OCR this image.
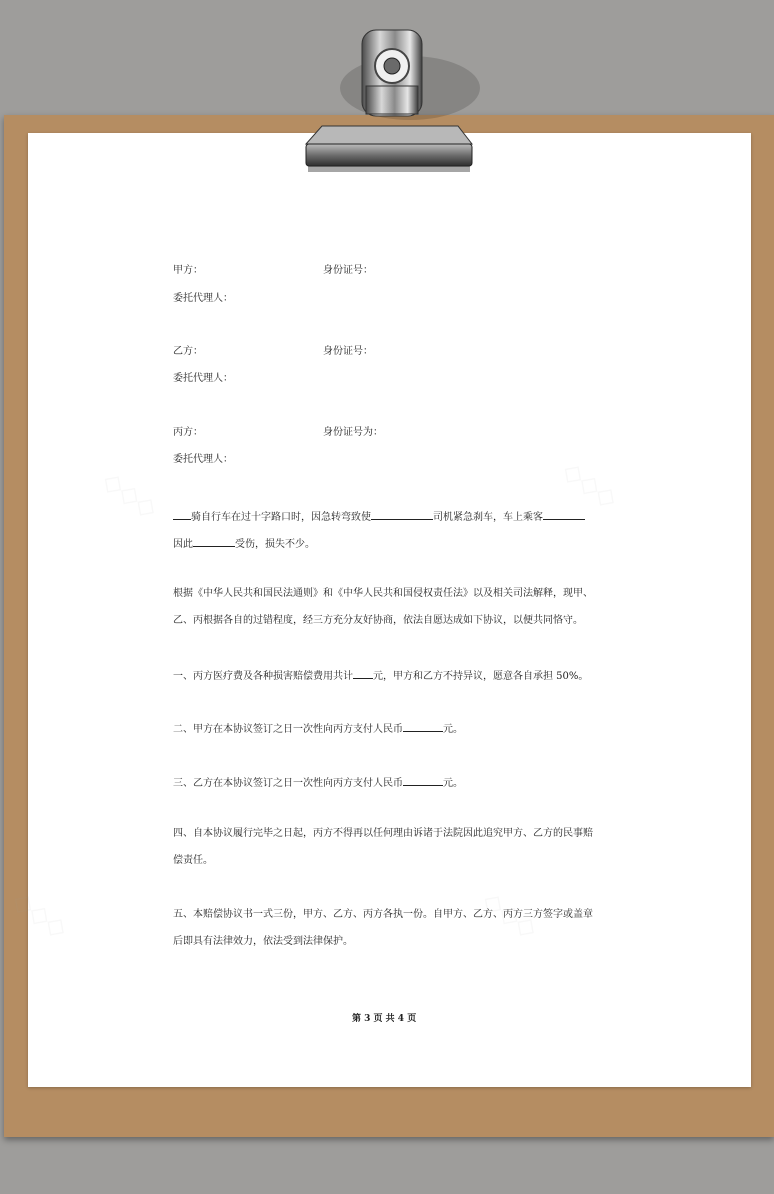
甲方：	身份证号：
委托代理人：
乙方：	身份证号：
委托代理人：
丙方：	身份证号为：
委托代理人：
骑自行车在过十字路口时，因急转弯致使	司机紧急刹车，车上乘客
因此	受伤，损失不少。
根据《中华人民共和国民法通则》和《中华人民共和国侵权责任法》以及相关司法解释，现甲、
乙、丙根据各自的过错程度，经三方充分友好协商，依法自愿达成如下协议，以便共同恪守。
一、丙方医疗费及各种损害赔偿费用共计 元，甲方和乙方不持异议，愿意各自承担 50%。
二、甲方在本协议签订之日一次性向丙方支付人民币	元。
三、乙方在本协议签订之日一次性向丙方支付人民币	元。
四、自本协议履行完毕之日起，丙方不得再以任何理由诉诸于法院因此追究甲方、乙方的民事赔
偿责任。
五、本赔偿协议书一式三份，甲方、乙方、丙方各执一份。自甲方、乙方、丙方三方签字或盖章
后即具有法律效力，依法受到法律保护。
第 3 页 共 4 页
